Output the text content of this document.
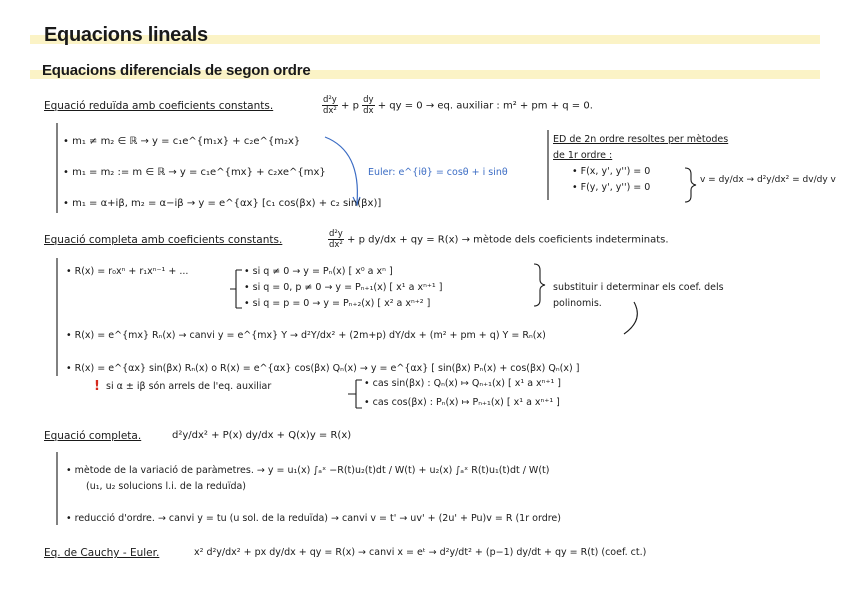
Equacions lineals
Equacions diferencials de segon ordre
Equació reduïda amb coeficients constants.	$\frac{\text{d²y}}{\text{dx²}} + p \frac{dy}{dx}$ + qy = 0 → eq. auxiliar : m² + pm + q = 0.
• m₁ ≠ m₂ ∈ ℝ → y = c₁e^{m₁x} + c₂e^{m₂x}
• m₁ = m₂ := m ∈ ℝ → y = c₁e^{mx} + c₂xe^{mx}	Euler: e^{iθ} = cosθ + i sinθ
• m₁ = α+iβ, m₂ = α−iβ → y = e^{αx} [c₁ cos(βx) + c₂ sin(βx)]
ED de 2n ordre resoltes per mètodes
de 1r ordre :
• F(x, y', y'') = 0
• F(y, y', y'') = 0
v = dy/dx → d²y/dx² = dv/dy v
Equació completa amb coeficients constants.	$\frac{\text{d²y}}{\text{dx²}} + p$ dy/dx + qy = R(x) → mètode dels coeficients indeterminats.
• R(x) = r₀xⁿ + r₁xⁿ⁻¹ + ...	• si q ≠ 0 → y = Pₙ(x) [ x⁰ a xⁿ ]
• si q = 0, p ≠ 0 → y = Pₙ₊₁(x) [ x¹ a xⁿ⁺¹ ]
• si q = p = 0 → y = Pₙ₊₂(x) [ x² a xⁿ⁺² ]
substituir i determinar els coef. dels
polinomis.
• R(x) = e^{mx} Rₙ(x) → canvi y = e^{mx} Y → d²Y/dx² + (2m+p) dY/dx + (m² + pm + q) Y = Rₙ(x)
• R(x) = e^{αx} sin(βx) Rₙ(x) o R(x) = e^{αx} cos(βx) Qₙ(x) → y = e^{αx} [ sin(βx) Pₙ(x) + cos(βx) Qₙ(x) ]
! si α ± iβ són arrels de l'eq. auxiliar	• cas sin(βx) : Qₙ(x) ↦ Qₙ₊₁(x) [ x¹ a xⁿ⁺¹ ]
• cas cos(βx) : Pₙ(x) ↦ Pₙ₊₁(x) [ x¹ a xⁿ⁺¹ ]
Equació completa.	d²y/dx² + P(x) dy/dx + Q(x)y = R(x)
• mètode de la variació de paràmetres. → y = u₁(x) ∫ₐˣ −R(t)u₂(t)dt / W(t) + u₂(x) ∫ₐˣ R(t)u₁(t)dt / W(t)
(u₁, u₂ solucions l.i. de la reduïda)
• reducció d'ordre. → canvi y = tu (u sol. de la reduïda) → canvi v = t' → uv' + (2u' + Pu)v = R (1r ordre)
Eq. de Cauchy - Euler.	x² d²y/dx² + px dy/dx + qy = R(x) → canvi x = eᵗ → d²y/dt² + (p−1) dy/dt + qy = R(t) (coef. ct.)
